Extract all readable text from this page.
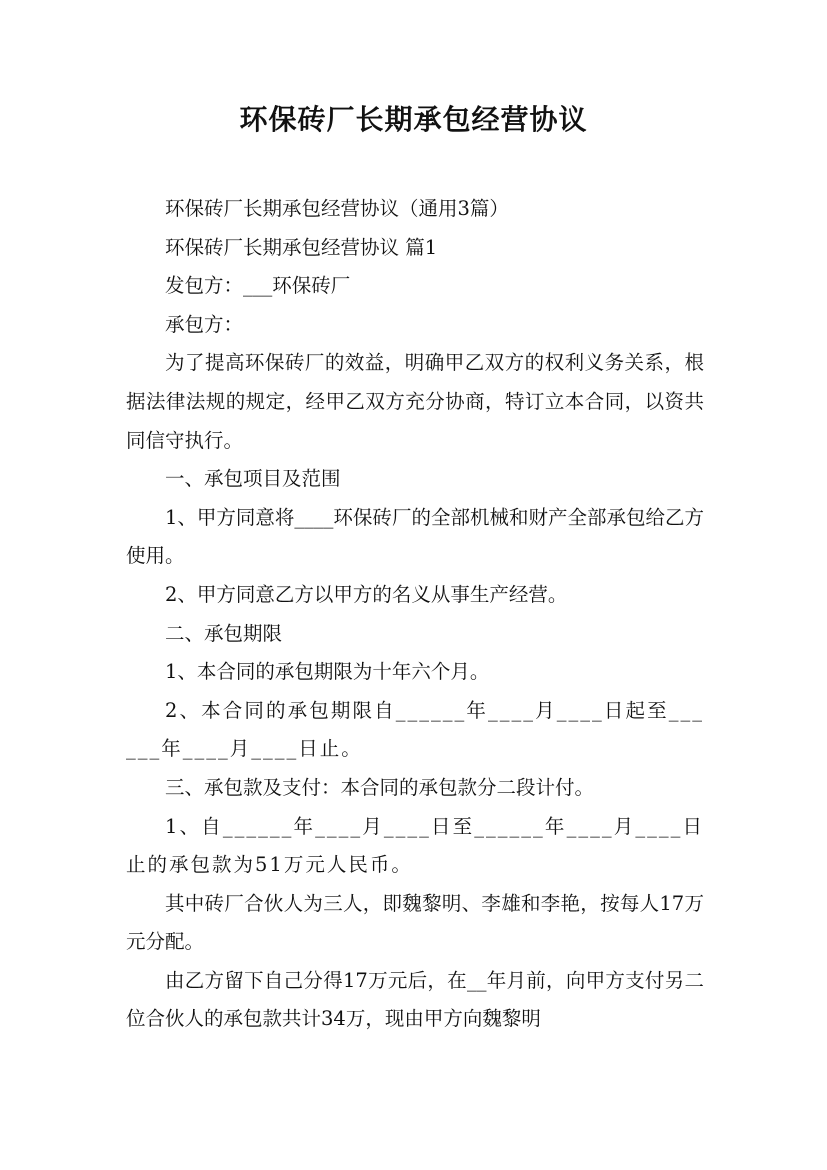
环保砖厂长期承包经营协议

环保砖厂长期承包经营协议（通用3篇）

环保砖厂长期承包经营协议 篇1

发包方：___环保砖厂

承包方：

为了提高环保砖厂的效益，明确甲乙双方的权利义务关系，根据法律法规的规定，经甲乙双方充分协商，特订立本合同，以资共同信守执行。

一、承包项目及范围

1、甲方同意将____环保砖厂的全部机械和财产全部承包给乙方使用。

2、甲方同意乙方以甲方的名义从事生产经营。

二、承包期限

1、本合同的承包期限为十年六个月。

2、本合同的承包期限自______年____月____日起至______年____月____日止。

三、承包款及支付：本合同的承包款分二段计付。

1、自______年____月____日至______年____月____日止的承包款为51万元人民币。

其中砖厂合伙人为三人，即魏黎明、李雄和李艳，按每人17万元分配。

由乙方留下自己分得17万元后，在__年月前，向甲方支付另二位合伙人的承包款共计34万，现由甲方向魏黎明
